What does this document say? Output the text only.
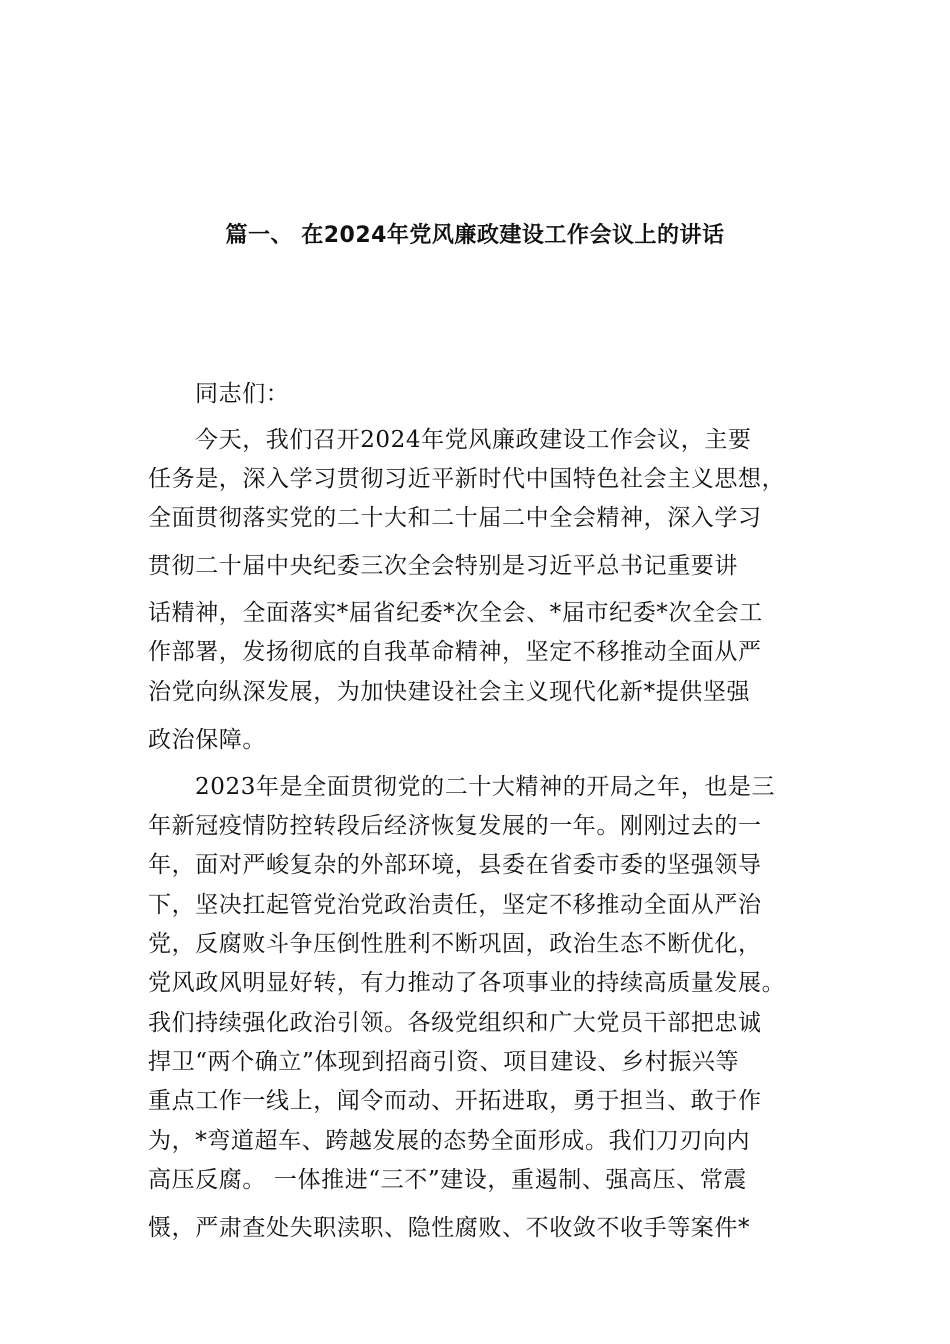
篇一、 在2024年党风廉政建设工作会议上的讲话
同志们：
今天，我们召开2024年党风廉政建设工作会议，主要
任务是，深入学习贯彻习近平新时代中国特色社会主义思想，
全面贯彻落实党的二十大和二十届二中全会精神，深入学习
贯彻二十届中央纪委三次全会特别是习近平总书记重要讲
话精神，全面落实*届省纪委*次全会、*届市纪委*次全会工
作部署，发扬彻底的自我革命精神，坚定不移推动全面从严
治党向纵深发展，为加快建设社会主义现代化新*提供坚强
政治保障。
2023年是全面贯彻党的二十大精神的开局之年，也是三
年新冠疫情防控转段后经济恢复发展的一年。刚刚过去的一
年，面对严峻复杂的外部环境，县委在省委市委的坚强领导
下，坚决扛起管党治党政治责任，坚定不移推动全面从严治
党，反腐败斗争压倒性胜利不断巩固，政治生态不断优化，
党风政风明显好转，有力推动了各项事业的持续高质量发展。
我们持续强化政治引领。各级党组织和广大党员干部把忠诚
捍卫“两个确立”体现到招商引资、项目建设、乡村振兴等
重点工作一线上，闻令而动、开拓进取，勇于担当、敢于作
为，*弯道超车、跨越发展的态势全面形成。我们刀刃向内
高压反腐。 一体推进“三不”建设，重遏制、强高压、常震
慑，严肃查处失职渎职、隐性腐败、不收敛不收手等案件*
